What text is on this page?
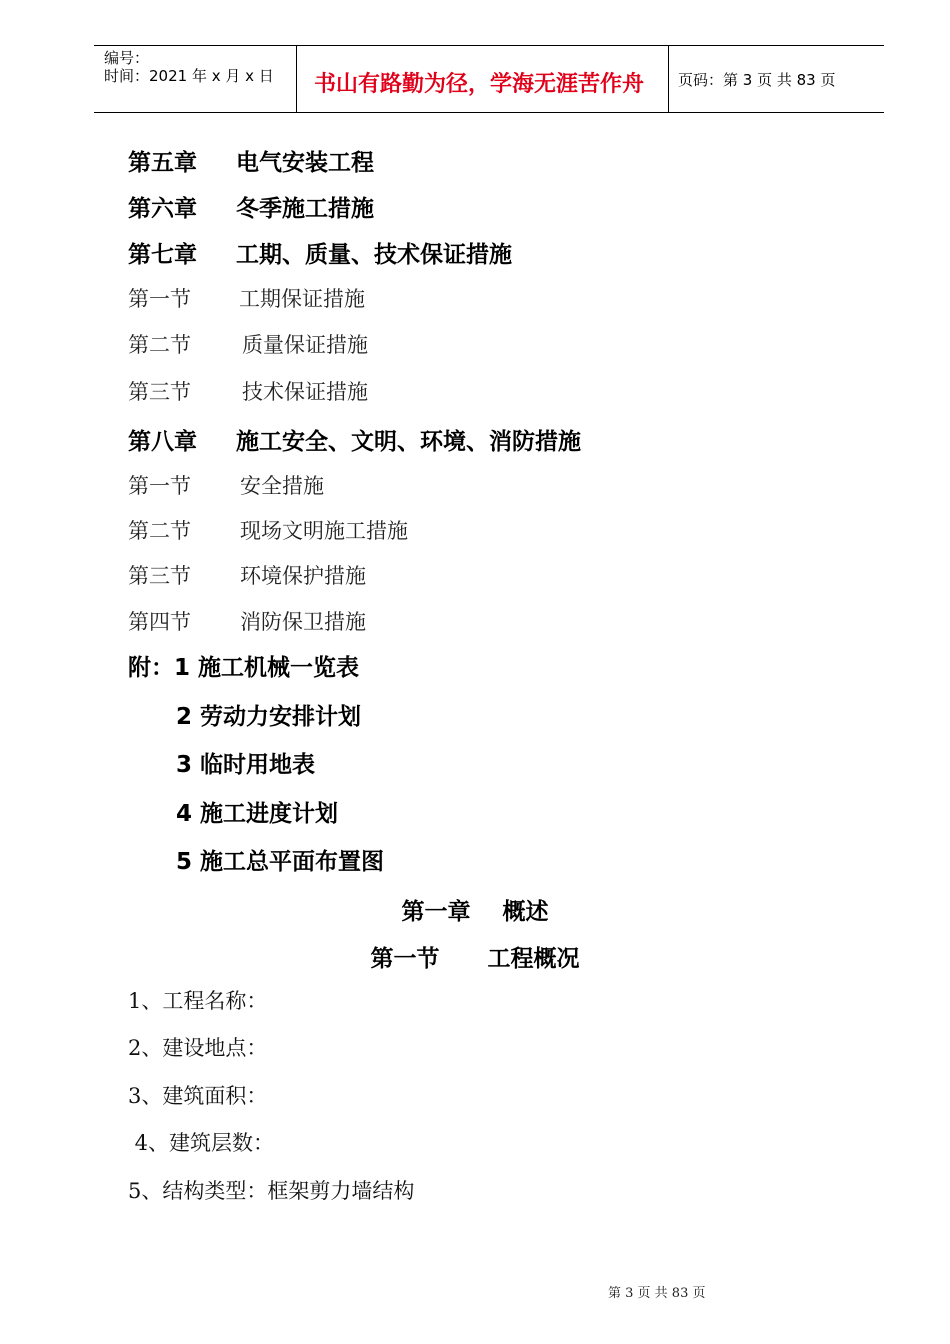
编号：
时间：2021 年 x 月 x 日 书山有路勤为径，学海无涯苦作舟 页码：第 3 页 共 83 页
第五章 电气安装工程
第六章 冬季施工措施
第七章 工期、质量、技术保证措施
第一节 工期保证措施
第二节 质量保证措施
第三节 技术保证措施
第八章 施工安全、文明、环境、消防措施
第一节 安全措施
第二节 现场文明施工措施
第三节 环境保护措施
第四节 消防保卫措施
附：1 施工机械一览表
2 劳动力安排计划
3 临时用地表
4 施工进度计划
5 施工总平面布置图
第一章    概述
第一节      工程概况
1、工程名称：
2、建设地点：
3、建筑面积：
4、建筑层数：
5、结构类型：框架剪力墙结构
第 3 页 共 83 页
